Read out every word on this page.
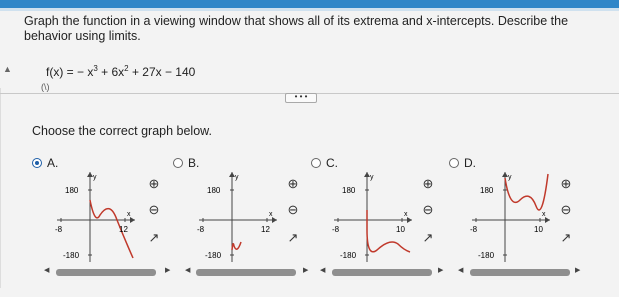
Graph the function in a viewing window that shows all of its extrema and x-intercepts. Describe the behavior using limits.
▲	f(x) = − $x^3 + 6x^2 + 27x - 140$
(\)
• • •
Choose the correct graph below.
A.
180
-180
-8	12
x
y	⊕
⊖
↗
B.
180
-180
-8	12
x
y	⊕
⊖
↗
C.
180
-180
-8	10
x
y	⊕
⊖
↗
D.
180
-180
-8	10
x
y	⊕
⊖
↗
◀	▶ ◀	▶ ◀	▶ ◀	▶
